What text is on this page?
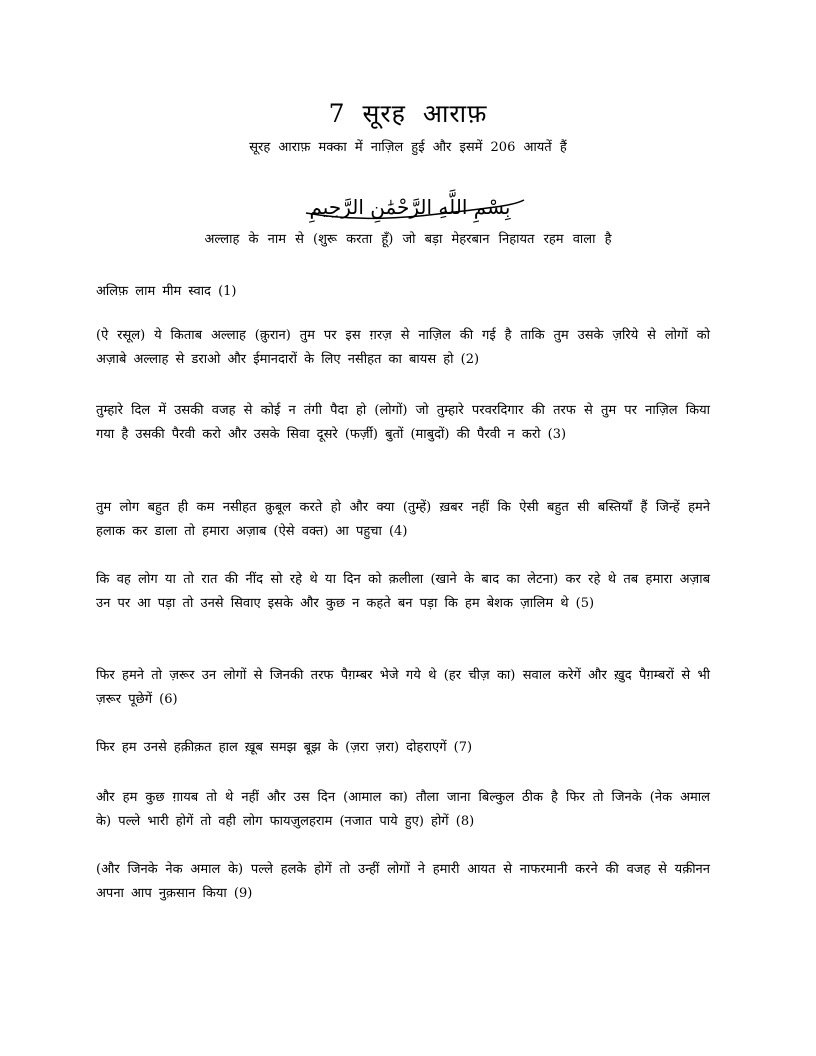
7 सूरह आराफ़
सूरह आराफ़ मक्का में नाज़िल हुई और इसमें 206 आयतें हैं
بِسْمِ اللَّهِ الرَّحْمَٰنِ الرَّحِيمِ
अल्लाह के नाम से (शुरू करता हूँ) जो बड़ा मेहरबान निहायत रहम वाला है

अलिफ़ लाम मीम स्वाद (1)

(ऐ रसूल) ये किताब अल्लाह (क़ुरान) तुम पर इस ग़रज़ से नाज़िल की गई है ताकि तुम उसके ज़रिये से लोगों को अज़ाबे अल्लाह से डराओ और ईमानदारों के लिए नसीहत का बायस हो (2)

तुम्हारे दिल में उसकी वजह से कोई न तंगी पैदा हो (लोगों) जो तुम्हारे परवरदिगार की तरफ से तुम पर नाज़िल किया गया है उसकी पैरवी करो और उसके सिवा दूसरे (फर्ज़ी) बुतों (माबुदों) की पैरवी न करो (3)

तुम लोग बहुत ही कम नसीहत क़ुबूल करते हो और क्या (तुम्हें) ख़बर नहीं कि ऐसी बहुत सी बस्तियाँ हैं जिन्हें हमने हलाक कर डाला तो हमारा अज़ाब (ऐसे वक्त) आ पहुचा (4)

कि वह लोग या तो रात की नींद सो रहे थे या दिन को क़लीला (खाने के बाद का लेटना) कर रहे थे तब हमारा अज़ाब उन पर आ पड़ा तो उनसे सिवाए इसके और कुछ न कहते बन पड़ा कि हम बेशक ज़ालिम थे (5)

फिर हमने तो ज़रूर उन लोगों से जिनकी तरफ पैग़म्बर भेजे गये थे (हर चीज़ का) सवाल करेगें और ख़ुद पैग़म्बरों से भी ज़रूर पूछेगें (6)

फिर हम उनसे हक़ीक़त हाल ख़ूब समझ बूझ के (ज़रा ज़रा) दोहराएगें (7)

और हम कुछ ग़ायब तो थे नहीं और उस दिन (आमाल का) तौला जाना बिल्कुल ठीक है फिर तो जिनके (नेक अमाल के) पल्ले भारी होगें तो वही लोग फायज़ुलहराम (नजात पाये हुए) होगें (8)

(और जिनके नेक अमाल के) पल्ले हलके होगें तो उन्हीं लोगों ने हमारी आयत से नाफरमानी करने की वजह से यक़ीनन अपना आप नुक़सान किया (9)
